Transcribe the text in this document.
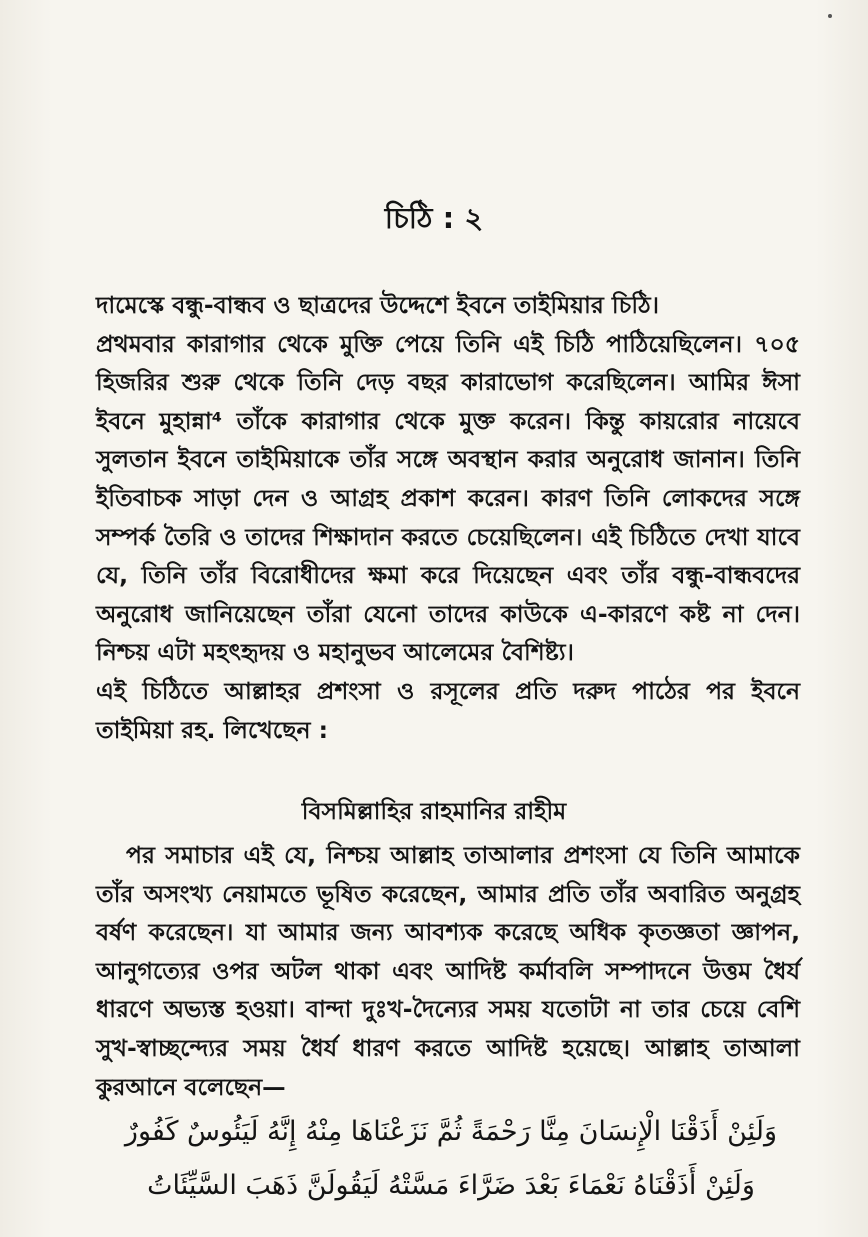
চিঠি : ২

দামেস্কে বন্ধু-বান্ধব ও ছাত্রদের উদ্দেশে ইবনে তাইমিয়ার চিঠি।

প্রথমবার কারাগার থেকে মুক্তি পেয়ে তিনি এই চিঠি পাঠিয়েছিলেন। ৭০৫ হিজরির শুরু থেকে তিনি দেড় বছর কারাভোগ করেছিলেন। আমির ঈসা ইবনে মুহান্না⁴ তাঁকে কারাগার থেকে মুক্ত করেন। কিন্তু কায়রোর নায়েবে সুলতান ইবনে তাইমিয়াকে তাঁর সঙ্গে অবস্থান করার অনুরোধ জানান। তিনি ইতিবাচক সাড়া দেন ও আগ্রহ প্রকাশ করেন। কারণ তিনি লোকদের সঙ্গে সম্পর্ক তৈরি ও তাদের শিক্ষাদান করতে চেয়েছিলেন। এই চিঠিতে দেখা যাবে যে, তিনি তাঁর বিরোধীদের ক্ষমা করে দিয়েছেন এবং তাঁর বন্ধু-বান্ধবদের অনুরোধ জানিয়েছেন তাঁরা যেনো তাদের কাউকে এ-কারণে কষ্ট না দেন। নিশ্চয় এটা মহৎহৃদয় ও মহানুভব আলেমের বৈশিষ্ট্য।

এই চিঠিতে আল্লাহর প্রশংসা ও রসূলের প্রতি দরুদ পাঠের পর ইবনে তাইমিয়া রহ. লিখেছেন :

বিসমিল্লাহির রাহমানির রাহীম

পর সমাচার এই যে, নিশ্চয় আল্লাহ তাআলার প্রশংসা যে তিনি আমাকে তাঁর অসংখ্য নেয়ামতে ভূষিত করেছেন, আমার প্রতি তাঁর অবারিত অনুগ্রহ বর্ষণ করেছেন। যা আমার জন্য আবশ্যক করেছে অধিক কৃতজ্ঞতা জ্ঞাপন, আনুগত্যের ওপর অটল থাকা এবং আদিষ্ট কর্মাবলি সম্পাদনে উত্তম ধৈর্য ধারণে অভ্যস্ত হওয়া। বান্দা দুঃখ-দৈন্যের সময় যতোটা না তার চেয়ে বেশি সুখ-স্বাচ্ছন্দ্যের সময় ধৈর্য ধারণ করতে আদিষ্ট হয়েছে। আল্লাহ তাআলা কুরআনে বলেছেন—

وَلَئِنْ أَذَقْنَا الْإِنسَانَ مِنَّا رَحْمَةً ثُمَّ نَزَعْنَاهَا مِنْهُ إِنَّهُ لَيَئُوسٌ كَفُورٌ
وَلَئِنْ أَذَقْنَاهُ نَعْمَاءَ بَعْدَ ضَرَّاءَ مَسَّتْهُ لَيَقُولَنَّ ذَهَبَ السَّيِّئَاتُ
